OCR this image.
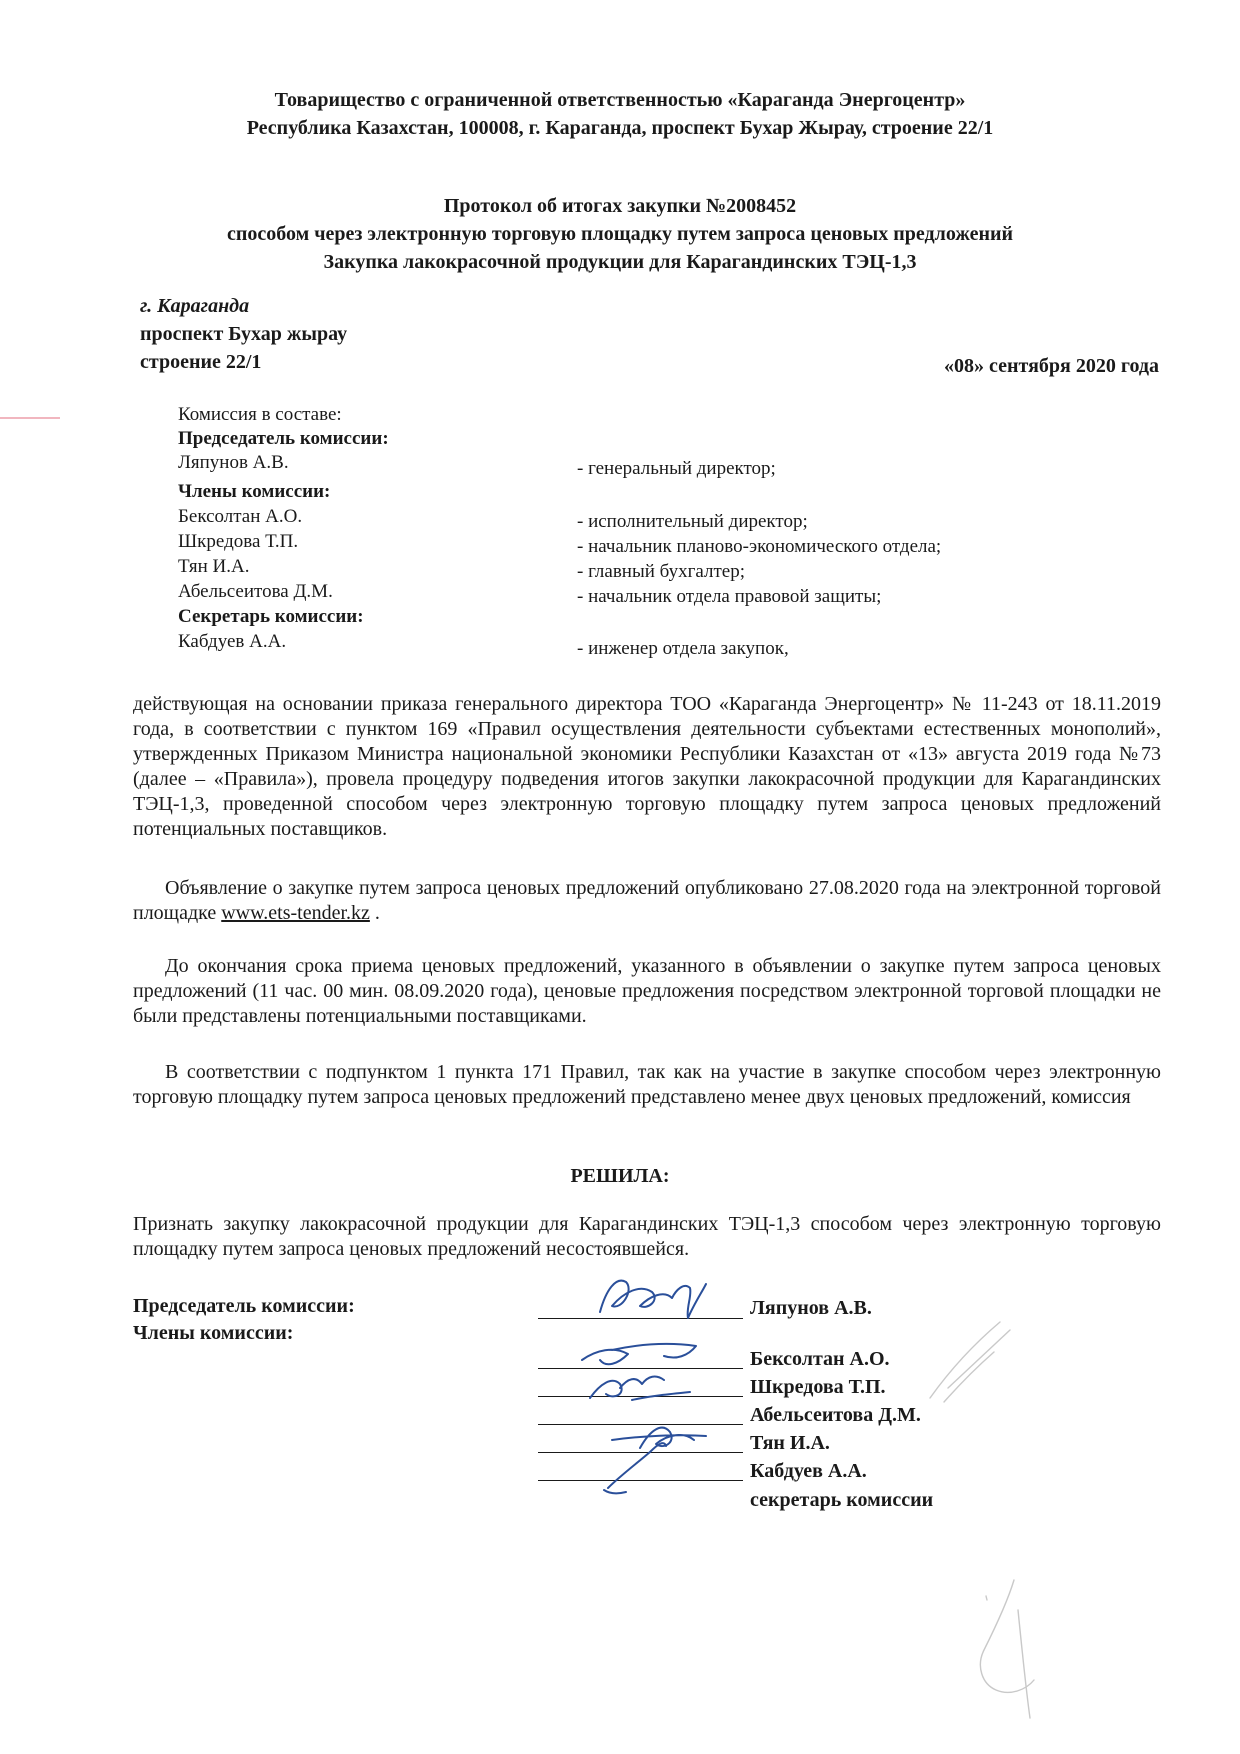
Товарищество с ограниченной ответственностью «Караганда Энергоцентр»
Республика Казахстан, 100008, г. Караганда, проспект Бухар Жырау, строение 22/1
Протокол об итогах закупки №2008452
способом через электронную торговую площадку путем запроса ценовых предложений
Закупка лакокрасочной продукции для Карагандинских ТЭЦ-1,3
г. Караганда
проспект Бухар жырау
строение 22/1	«08» сентября 2020 года
Комиссия в составе:
Председатель комиссии:
Ляпунов А.В.	- генеральный директор;
Члены комиссии:
Бексолтан А.О.	- исполнительный директор;
Шкредова Т.П.	- начальник планово-экономического отдела;
Тян И.А.	- главный бухгалтер;
Абельсеитова Д.М.	- начальник отдела правовой защиты;
Секретарь комиссии:
Кабдуев А.А.	- инженер отдела закупок,
действующая на основании приказа генерального директора ТОО «Караганда Энергоцентр» № 11-243 от 18.11.2019 года, в соответствии с пунктом 169 «Правил осуществления деятельности субъектами естественных монополий», утвержденных Приказом Министра национальной экономики Республики Казахстан от «13» августа 2019 года №73 (далее – «Правила»), провела процедуру подведения итогов закупки лакокрасочной продукции для Карагандинских ТЭЦ-1,3, проведенной способом через электронную торговую площадку путем запроса ценовых предложений потенциальных поставщиков.
Объявление о закупке путем запроса ценовых предложений опубликовано 27.08.2020 года на электронной торговой площадке www.ets-tender.kz .
До окончания срока приема ценовых предложений, указанного в объявлении о закупке путем запроса ценовых предложений (11 час. 00 мин. 08.09.2020 года), ценовые предложения посредством электронной торговой площадки не были представлены потенциальными поставщиками.
В соответствии с подпунктом 1 пункта 171 Правил, так как на участие в закупке способом через электронную торговую площадку путем запроса ценовых предложений представлено менее двух ценовых предложений, комиссия
РЕШИЛА:
Признать закупку лакокрасочной продукции для Карагандинских ТЭЦ-1,3 способом через электронную торговую площадку путем запроса ценовых предложений несостоявшейся.
Председатель комиссии:
Члены комиссии:
Ляпунов А.В.
Бексолтан А.О.
Шкредова Т.П.
Абельсеитова Д.М.
Тян И.А.
Кабдуев А.А.
секретарь комиссии
